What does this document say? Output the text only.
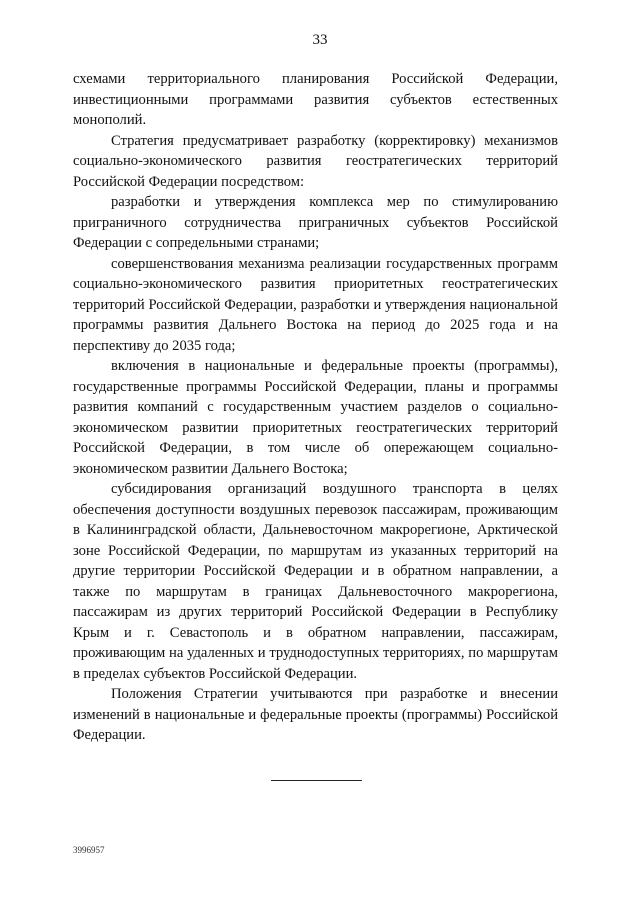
33

схемами территориального планирования Российской Федерации, инвестиционными программами развития субъектов естественных монополий.

Стратегия предусматривает разработку (корректировку) механизмов социально-экономического развития геостратегических территорий Российской Федерации посредством:

разработки и утверждения комплекса мер по стимулированию приграничного сотрудничества приграничных субъектов Российской Федерации с сопредельными странами;

совершенствования механизма реализации государственных программ социально-экономического развития приоритетных геостратегических территорий Российской Федерации, разработки и утверждения национальной программы развития Дальнего Востока на период до 2025 года и на перспективу до 2035 года;

включения в национальные и федеральные проекты (программы), государственные программы Российской Федерации, планы и программы развития компаний с государственным участием разделов о социально-экономическом развитии приоритетных геостратегических территорий Российской Федерации, в том числе об опережающем социально-экономическом развитии Дальнего Востока;

субсидирования организаций воздушного транспорта в целях обеспечения доступности воздушных перевозок пассажирам, проживающим в Калининградской области, Дальневосточном макрорегионе, Арктической зоне Российской Федерации, по маршрутам из указанных территорий на другие территории Российской Федерации и в обратном направлении, а также по маршрутам в границах Дальневосточного макрорегиона, пассажирам из других территорий Российской Федерации в Республику Крым и г. Севастополь и в обратном направлении, пассажирам, проживающим на удаленных и труднодоступных территориях, по маршрутам в пределах субъектов Российской Федерации.

Положения Стратегии учитываются при разработке и внесении изменений в национальные и федеральные проекты (программы) Российской Федерации.

3996957
